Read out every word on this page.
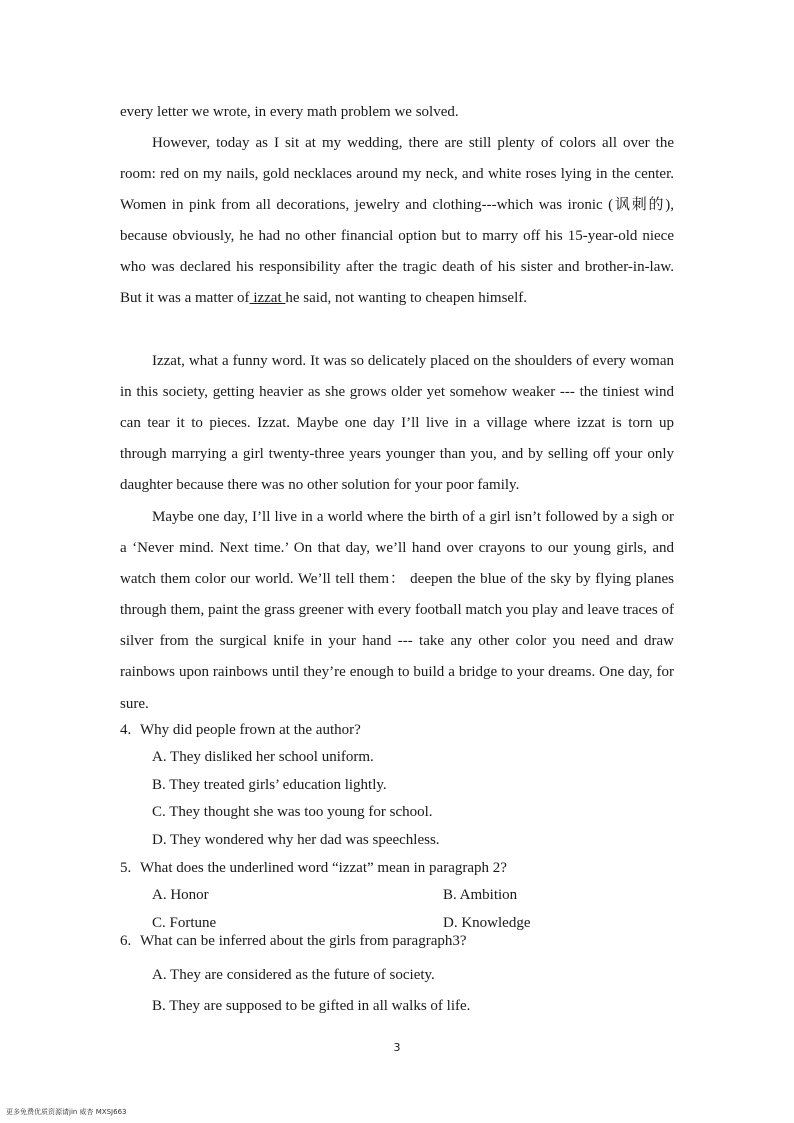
every letter we wrote, in every math problem we solved.

However, today as I sit at my wedding, there are still plenty of colors all over the room: red on my nails, gold necklaces around my neck, and white roses lying in the center. Women in pink from all decorations, jewelry and clothing---which was ironic (讽刺的), because obviously, he had no other financial option but to marry off his 15-year-old niece who was declared his responsibility after the tragic death of his sister and brother-in-law. But it was a matter of izzat he said, not wanting to cheapen himself.

Izzat, what a funny word. It was so delicately placed on the shoulders of every woman in this society, getting heavier as she grows older yet somehow weaker --- the tiniest wind can tear it to pieces. Izzat. Maybe one day I’ll live in a village where izzat is torn up through marrying a girl twenty-three years younger than you, and by selling off your only daughter because there was no other solution for your poor family.

Maybe one day, I’ll live in a world where the birth of a girl isn’t followed by a sigh or a ‘Never mind. Next time.’ On that day, we’ll hand over crayons to our young girls, and watch them color our world. We’ll tell them： deepen the blue of the sky by flying planes through them, paint the grass greener with every football match you play and leave traces of silver from the surgical knife in your hand --- take any other color you need and draw rainbows upon rainbows until they’re enough to build a bridge to your dreams. One day, for sure.

4. Why did people frown at the author?
A. They disliked her school uniform.
B. They treated girls’ education lightly.
C. They thought she was too young for school.
D. They wondered why her dad was speechless.
5. What does the underlined word “izzat” mean in paragraph 2?
A. Honor	B. Ambition
C. Fortune	D. Knowledge
6. What can be inferred about the girls from paragraph3?
A. They are considered as the future of society.
B. They are supposed to be gifted in all walks of life.
3
更多免费优质资源请jin 威杏 MXSJ663
